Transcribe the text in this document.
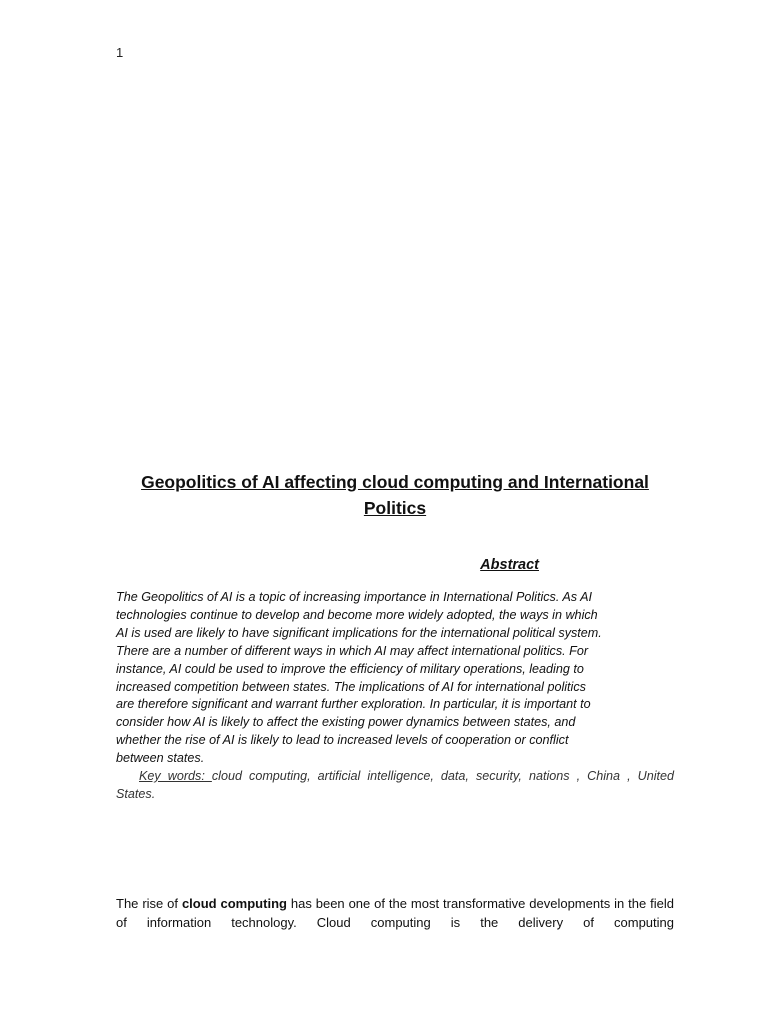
1
Geopolitics of AI affecting cloud computing and International Politics
Abstract
The Geopolitics of AI is a topic of increasing importance in International Politics. As AI
technologies continue to develop and become more widely adopted, the ways in which
AI is used are likely to have significant implications for the international political system.
There are a number of different ways in which AI may affect international politics. For
instance, AI could be used to improve the efficiency of military operations, leading to
increased competition between states. The implications of AI for international politics
are therefore significant and warrant further exploration. In particular, it is important to
consider how AI is likely to affect the existing power dynamics between states, and
whether the rise of AI is likely to lead to increased levels of cooperation or conflict
between states.

Key words: cloud computing, artificial intelligence, data, security, nations , China , United States.

The rise of cloud computing has been one of the most transformative developments in the field of information technology. Cloud computing is the delivery of computing
